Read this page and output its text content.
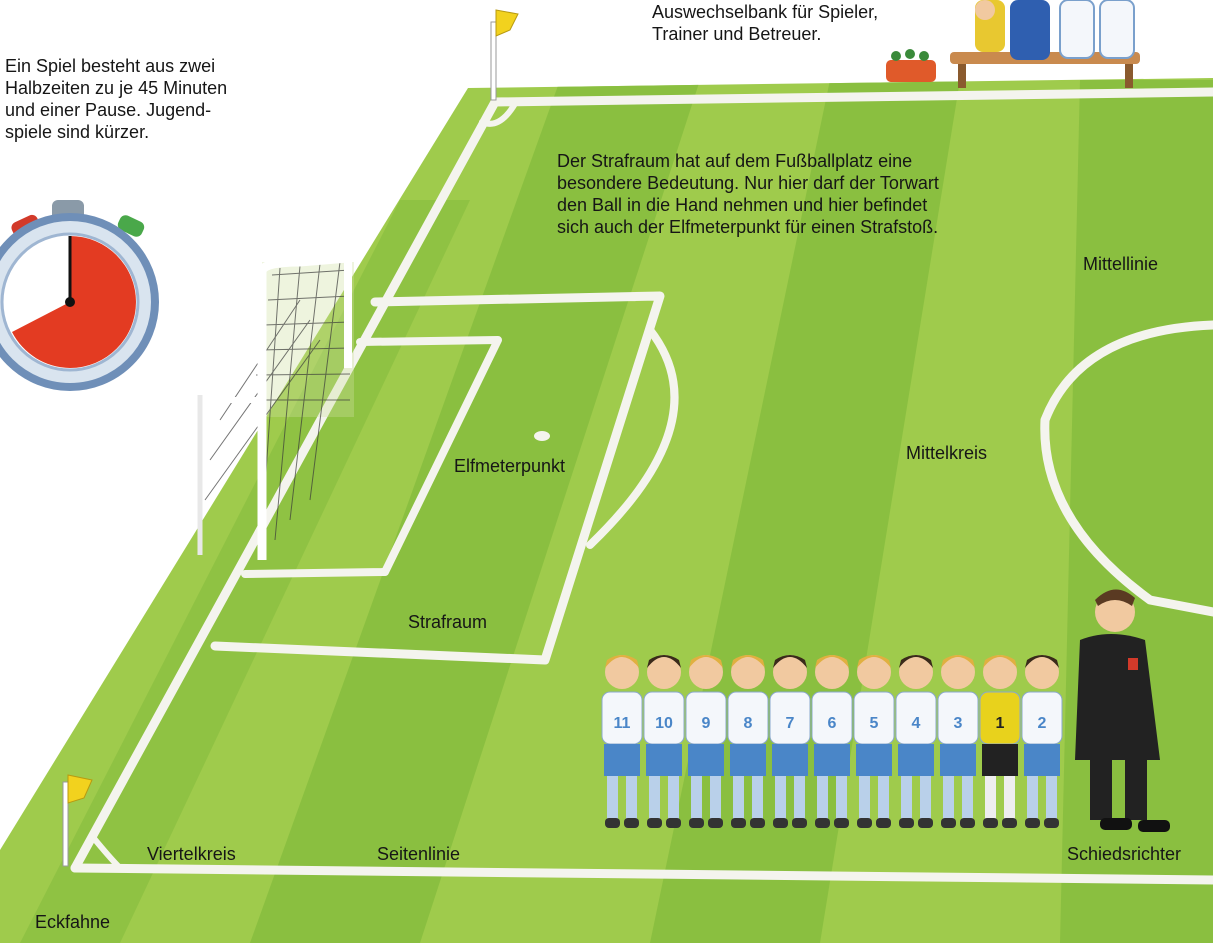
11 10 9 8 7 6 5 4 3 1 2
Auswechselbank für Spieler,
Trainer und Betreuer.
Ein Spiel besteht aus zwei
Halbzeiten zu je 45 Minuten
und einer Pause. Jugend-
spiele sind kürzer.
Der Strafraum hat auf dem Fußballplatz eine
besondere Bedeutung. Nur hier darf der Torwart
den Ball in die Hand nehmen und hier befindet
sich auch der Elfmeterpunkt für einen Strafstoß.
Mittellinie
Mittelkreis
Elfmeterpunkt
Strafraum
Viertelkreis	Seitenlinie	Schiedsrichter
Eckfahne
